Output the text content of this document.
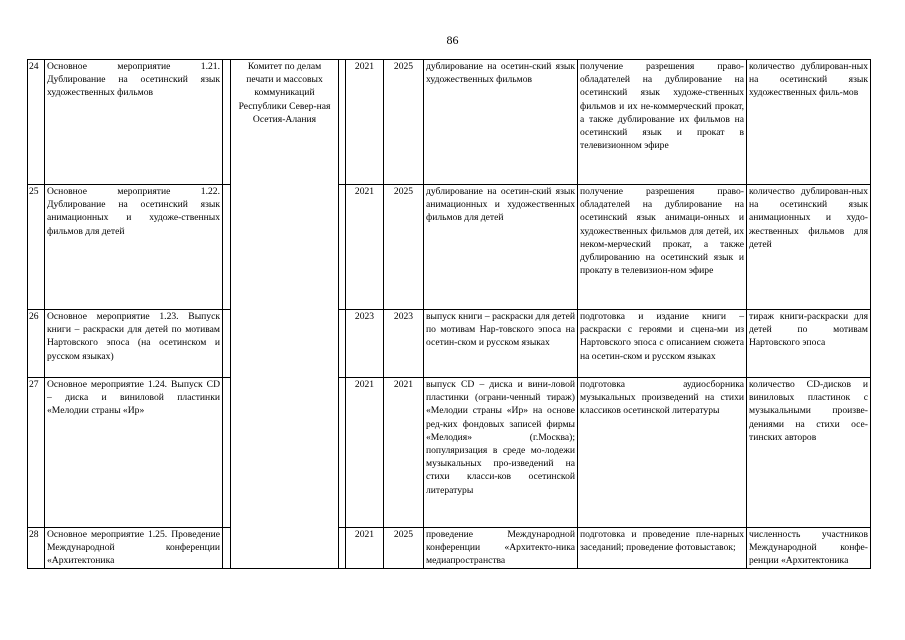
86
24	Основное мероприятие 1.21. Дублирование на осетинский язык художественных фильмов		Комитет по делам печати и массовых коммуникаций Республики Север-ная Осетия-Алания		2021	2025	дублирование на осетин-ский язык художественных фильмов	получение разрешения право-обладателей на дублирование на осетинский язык художе-ственных фильмов и их не-коммерческий прокат, а также дублирование их фильмов на осетинский язык и прокат в телевизионном эфире	количество дублирован-ных на осетинский язык художественных филь-мов
25	Основное мероприятие 1.22. Дублирование на осетинский язык анимационных и художе-ственных фильмов для детей				2021	2025	дублирование на осетин-ский язык анимационных и художественных фильмов для детей	получение разрешения право-обладателей на дублирование на осетинский язык анимаци-онных и художественных фильмов для детей, их неком-мерческий прокат, а также дублированию на осетинский язык и прокату в телевизион-ном эфире	количество дублирован-ных на осетинский язык анимационных и худо-жественных фильмов для детей
26	Основное мероприятие 1.23. Выпуск книги – раскраски для детей по мотивам Нартовского эпоса (на осетинском и русском языках)				2023	2023	выпуск книги – раскраски для детей по мотивам Нар-товского эпоса на осетин-ском и русском языках	подготовка и издание книги – раскраски с героями и сцена-ми из Нартовского эпоса с описанием сюжета на осетин-ском и русском языках	тираж книги-раскраски для детей по мотивам Нартовского эпоса
27	Основное мероприятие 1.24. Выпуск CD – диска и виниловой пластинки «Мелодии страны «Ир»				2021	2021	выпуск CD – диска и вини-ловой пластинки (ограни-ченный тираж) «Мелодии страны «Ир» на основе ред-ких фондовых записей фирмы «Мелодия» (г.Москва); популяризация в среде мо-лодежи музыкальных про-изведений на стихи класси-ков осетинской литературы	подготовка аудиосборника музыкальных произведений на стихи классиков осетинской литературы	количество CD-дисков и виниловых пластинок с музыкальными произве-дениями на стихи осе-тинских авторов
28	Основное мероприятие 1.25. Проведение Международной конференции «Архитектоника				2021	2025	проведение Международной конференции «Архитекто-ника медиапространства	подготовка и проведение пле-нарных заседаний; проведение фотовыставок;	численность участников Международной конфе-ренции «Архитектоника
